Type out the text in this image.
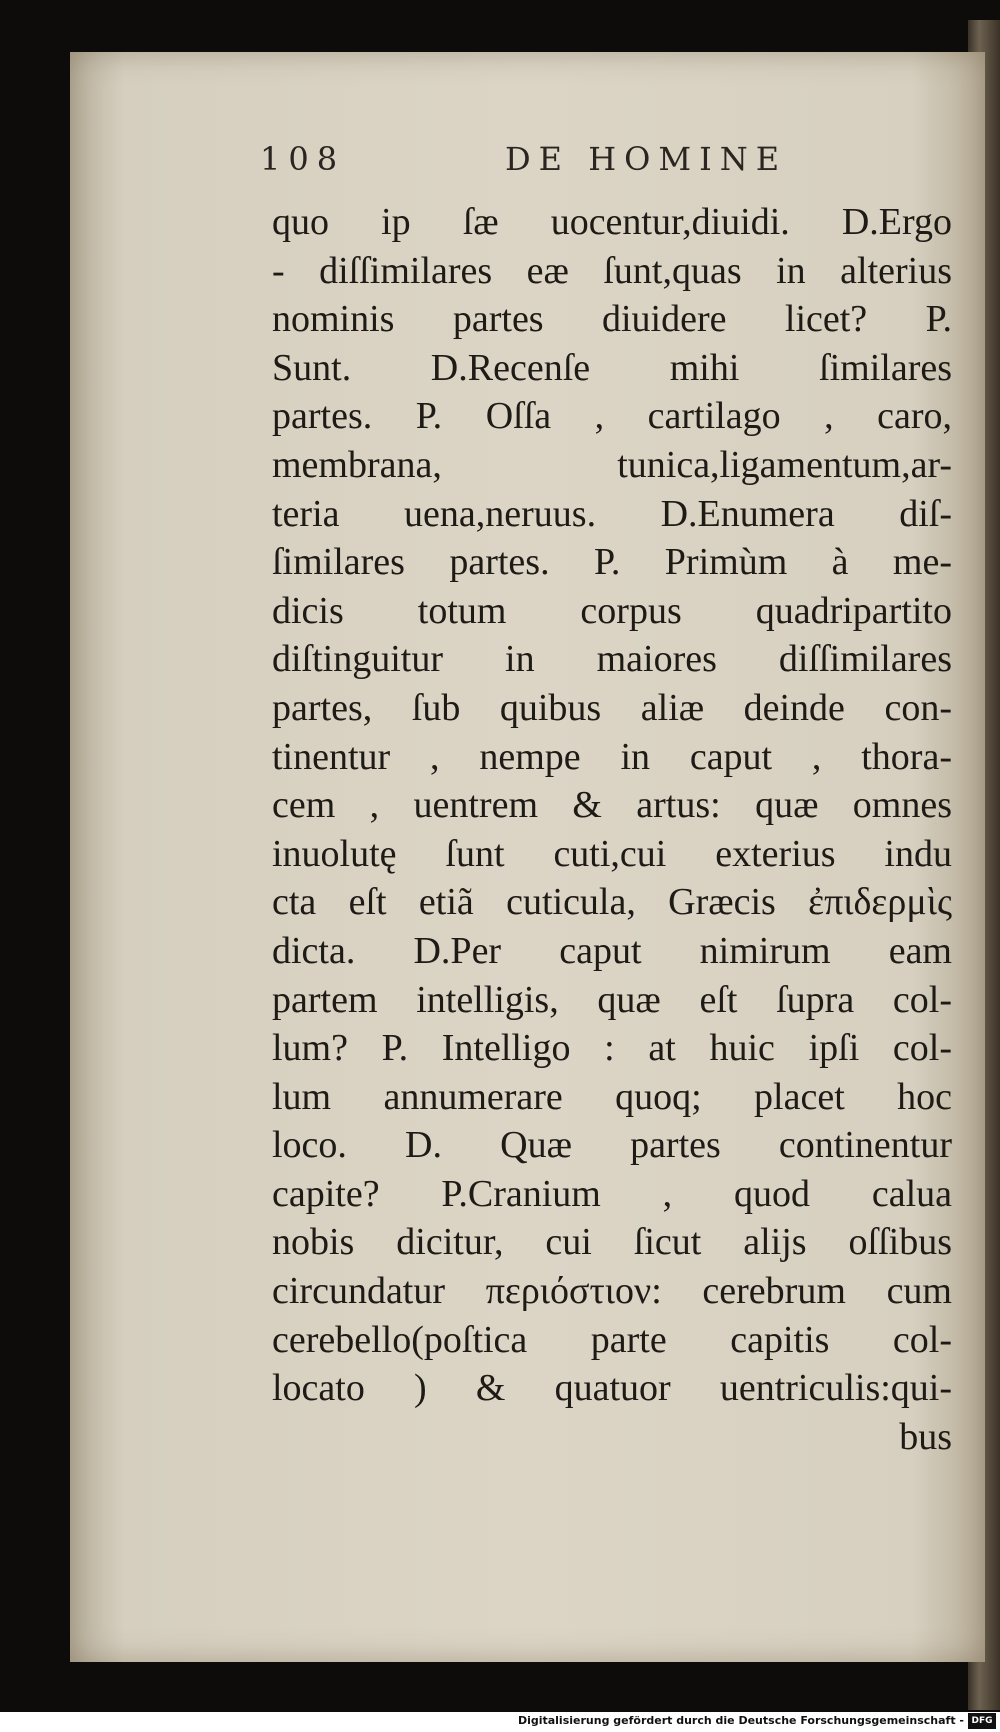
108	DE HOMINE
quo ip ſæ uocentur,diuidi. D.Ergo
- diſſimilares eæ ſunt,quas in alterius
nominis partes diuidere licet? P.
Sunt. D.Recenſe mihi ſimilares
partes. P. Oſſa , cartilago , caro,
membrana, tunica,ligamentum,ar-
teria uena,neruus. D.Enumera diſ-
ſimilares partes. P. Primùm à me-
dicis totum corpus quadripartito
diſtinguitur in maiores diſſimilares
partes, ſub quibus aliæ deinde con-
tinentur , nempe in caput , thora-
cem , uentrem & artus: quæ omnes
inuolutę ſunt cuti,cui exterius indu
cta eſt etiã cuticula, Græcis ἐπιδερμὶς
dicta. D.Per caput nimirum eam
partem intelligis, quæ eſt ſupra col-
lum? P. Intelligo : at huic ipſi col-
lum annumerare quoq; placet hoc
loco. D. Quæ partes continentur
capite? P.Cranium , quod calua
nobis dicitur, cui ſicut alijs oſſibus
circundatur περιόστιον: cerebrum cum
cerebello(poſtica parte capitis col-
locato ) & quatuor uentriculis:qui-
bus
Digitalisierung gefördert durch die Deutsche Forschungsgemeinschaft - DFG
